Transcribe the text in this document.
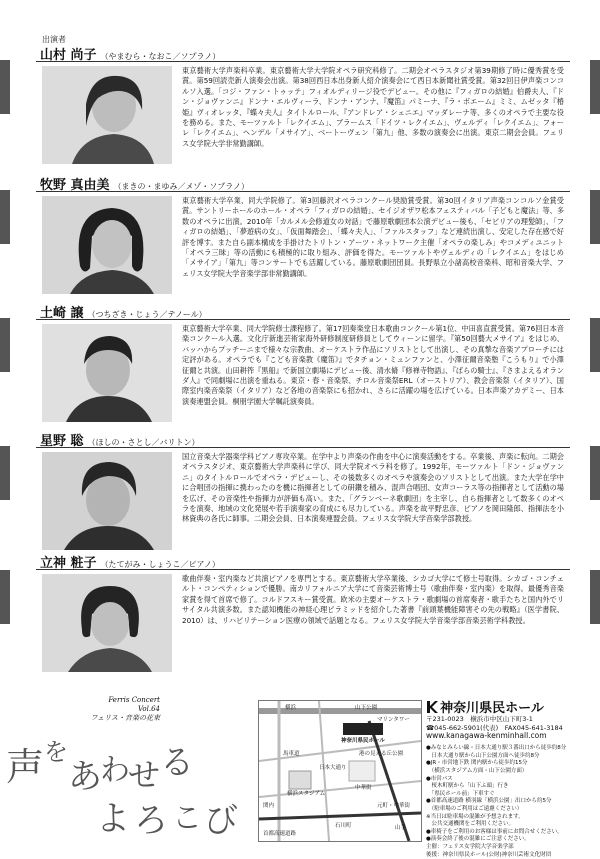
出演者
山村 尚子 （やまむら・なおこ／ソプラノ）
東京藝術大学声楽科卒業。東京藝術大学大学院オペラ研究科修了。二期会オペラスタジオ第39期修了時に優秀賞を受賞。第59回読売新人演奏会出演。第38回西日本出身新人紹介演奏会にて西日本新聞社賞受賞。第32回日伊声楽コンコルソ入選。「コジ・ファン・トゥッテ」フィオルディリージ役でデビュー。その他に『フィガロの結婚』伯爵夫人、『ドン・ジョヴァンニ』ドンナ・エルヴィーラ、ドンナ・アンナ、『魔笛』パミーナ、『ラ・ボエーム』ミミ、ムゼッタ『椿姫』ヴィオレッタ、『蝶々夫人』タイトルロール、『アンドレア・シェニエ』マッダレーナ等、多くのオペラで主要な役を務める。また、モーツァルト「レクイエム」、ブラームス「ドイツ・レクイエム」、ヴェルディ「レクイエム」、フォーレ「レクイエム」、ヘンデル「メサイア」、ベートーヴェン「第九」他、多数の演奏会に出演。東京二期会会員。フェリス女学院大学非常勤講師。
牧野 真由美 （まきの・まゆみ／メゾ・ソプラノ）
東京藝術大学卒業、同大学院修了。第3回藤沢オペラコンクール奨励賞受賞。第30回イタリア声楽コンコルソ金賞受賞。サントリーホールのホール・オペラ「フィガロの結婚」、セイジオザワ松本フェスティバル「子どもと魔法」等、多数のオペラに出演。2010年「カルメル会修道女の対話」で藤原歌劇団本公演デビュー後も、「セビリアの理髪師」、「フィガロの結婚」、「夢遊病の女」、「仮面舞踏会」、「蝶々夫人」、「ファルスタッフ」など連続出演し、安定した存在感で好評を博す。また自ら副本構成を手掛けたトリトン・アーツ・ネットワーク主催「オペラの楽しみ」やコメディユニット「オペラ三昧」等の活動にも積極的に取り組み、評価を得た。モーツァルトやヴェルディの「レクイエム」をはじめ「メサイア」「第九」等コンサートでも活躍している。藤原歌劇団団員。長野県立小諸高校音楽科、昭和音楽大学、フェリス女学院大学音楽学部非常勤講師。
土崎 譲 （つちざき・じょう／テノール）
東京藝術大学卒業、同大学院修士課程修了。第17回奏楽堂日本歌曲コンクール第1位、中田喜直賞受賞。第76回日本音楽コンクール入選。文化庁新進芸術家海外研修制度研修員としてウィーンに留学。『第50回藝大メサイア』をはじめ、バッハからプッチーニまで様々な宗教曲、オーケストラ作品にソリストとして出演し、その真摯な音楽アプローチには定評がある。オペラでも『こども音楽教《魔笛》』でタチョン・ミュンファンと、小澤征爾音楽塾『こうもり』で小澤征爾と共演。山田耕筰『黒船』で新国立劇場にデビュー後、清水脩『修禅寺物語』、『ばらの騎士』、『さまよえるオランダ人』で同劇場に出演を重ねる。東京・春・音楽祭、チロル音楽祭ERL（オーストリア）、教会音楽祭（イタリア）、国際室内楽音楽祭（イタリア）など各地の音楽祭にも招かれ、さらに活躍の場を広げている。日本声楽アカデミー、日本演奏連盟会員。桐朋学園大学嘱託演奏員。
星野 聡 （ほしの・さとし／バリトン）
国立音楽大学器楽学科ピアノ専攻卒業。在学中より声楽の作曲を中心に演奏活動をする。卒業後、声楽に転向。二期会オペラスタジオ、東京藝術大学声楽科に学び、同大学院オペラ科を修了。1992年、モーツァルト「ドン・ジョヴァンニ」のタイトルロールでオペラ・デビューし、その後数多くのオペラや演奏会のソリストとして出演。また大学在学中に合唱団の指揮に携わったのを機に指揮者としての研鑽を積み、混声合唱団、女声コーラス等の指揮者として活動の場を広げ、その音楽性や指揮力が評価も高い。また、「グランベーネ歌劇団」を主宰し、自ら指揮者として数多くのオペラを演奏、地域の文化発展や若手演奏家の育成にも尽力している。声楽を故平野忠彦、ピアノを岡田隆郎、指揮法を小林資典の各氏に師事。二期会会員、日本演奏連盟会員。フェリス女学院大学音楽学部教授。
立神 粧子 （たてがみ・しょうこ／ピアノ）
歌曲伴奏・室内楽など共演ピアノを専門とする。東京藝術大学卒業後、シカゴ大学にて修士号取得。シカゴ・コンチェルト・コンペティションで優勝。南カリフォルニア大学にて音楽芸術博士号（歌曲伴奏・室内楽）を取得。最優秀音楽家賞を得て首席で修了。コルドフスキー賞受賞。欧米の主要オーケストラ・歌劇場の首席奏者・歌手たちと国内外でリサイタル共演多数。また認知機能の神経心理ピラミッドを紹介した著書『前頭葉機能障害その先の戦略』（医学書院、2010）は、リハビリテーション医療の領域で話題となる。フェリス女学院大学音楽学部音楽芸術学科教授。
Ferris Concert Vol.64
フェリス・音楽の花束
声 を
あ
わ
せ る
よ ろ こ び
横浜	山下公園
マリンタワー
神奈川県民ホール
中華街
関内
石川町
元町・中華街
横浜スタジアム
山手
港の見える丘公園
首都高速道路
馬車道
日本大通り
神奈川県民ホール
〒231-0023　横浜市中区山下町3-1
☎045-662-5901(代表)　FAX045-641-3184
www.kanagawa-kenminhall.com
●みなとみらい線・日本大通り駅３番出口から徒歩約8分
　日本大通り駅から山下公園方面へ徒歩約8分
●JR・市営地下鉄 関内駅から徒歩約15分
　（横浜スタジアム方面・山下公園方面）
●市営バス
　桜木町駅から「山下ふ頭」行き
　「県民ホール前」下車すぐ
●首都高速道路 横羽線「横浜公園」出口から約5分
　（駐車場のご利用はご遠慮ください）
※当日は駐車場の混雑が予想されます。
　公共交通機関をご利用ください。
●車椅子をご利用のお客様は事前にお問合せください。
●演奏会終了後の混雑にご注意ください。
主催：フェリス女学院大学音楽学部
後援：神奈川県民ホール(公財)神奈川芸術文化財団
